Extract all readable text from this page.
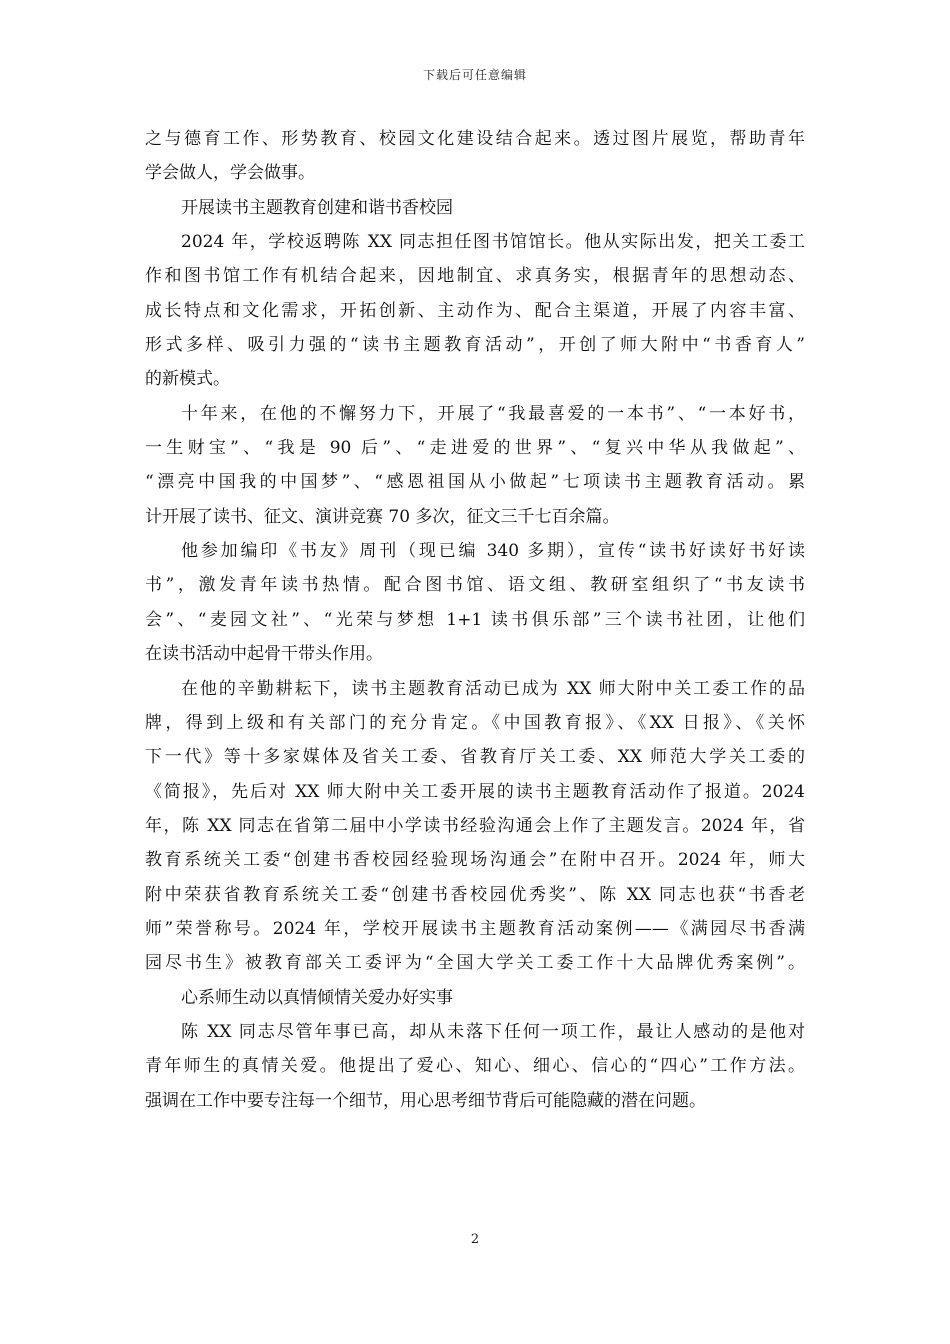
下载后可任意编辑
之与德育工作、形势教育、校园文化建设结合起来。透过图片展览，帮助青年
学会做人，学会做事。
开展读书主题教育创建和谐书香校园
2024 年，学校返聘陈 XX 同志担任图书馆馆长。他从实际出发，把关工委工
作和图书馆工作有机结合起来，因地制宜、求真务实，根据青年的思想动态、
成长特点和文化需求，开拓创新、主动作为、配合主渠道，开展了内容丰富、
形式多样、吸引力强的“读书主题教育活动”，开创了师大附中“书香育人”
的新模式。
十年来，在他的不懈努力下，开展了“我最喜爱的一本书”、“一本好书，
一生财宝”、“我是 90 后”、“走进爱的世界”、“复兴中华从我做起”、
“漂亮中国我的中国梦”、“感恩祖国从小做起”七项读书主题教育活动。累
计开展了读书、征文、演讲竞赛 70 多次，征文三千七百余篇。
他参加编印《书友》周刊（现已编 340 多期），宣传“读书好读好书好读
书”，激发青年读书热情。配合图书馆、语文组、教研室组织了“书友读书
会”、“麦园文社”、“光荣与梦想 1+1 读书俱乐部”三个读书社团，让他们
在读书活动中起骨干带头作用。
在他的辛勤耕耘下，读书主题教育活动已成为 XX 师大附中关工委工作的品
牌，得到上级和有关部门的充分肯定。《中国教育报》、《XX 日报》、《关怀
下一代》等十多家媒体及省关工委、省教育厅关工委、XX 师范大学关工委的
《简报》，先后对 XX 师大附中关工委开展的读书主题教育活动作了报道。2024
年，陈 XX 同志在省第二届中小学读书经验沟通会上作了主题发言。2024 年，省
教育系统关工委“创建书香校园经验现场沟通会”在附中召开。2024 年，师大
附中荣获省教育系统关工委“创建书香校园优秀奖”、陈 XX 同志也获“书香老
师”荣誉称号。2024 年，学校开展读书主题教育活动案例——《满园尽书香满
园尽书生》被教育部关工委评为“全国大学关工委工作十大品牌优秀案例”。
心系师生动以真情倾情关爱办好实事
陈 XX 同志尽管年事已高，却从未落下任何一项工作，最让人感动的是他对
青年师生的真情关爱。他提出了爱心、知心、细心、信心的“四心”工作方法。
强调在工作中要专注每一个细节，用心思考细节背后可能隐藏的潜在问题。
2
